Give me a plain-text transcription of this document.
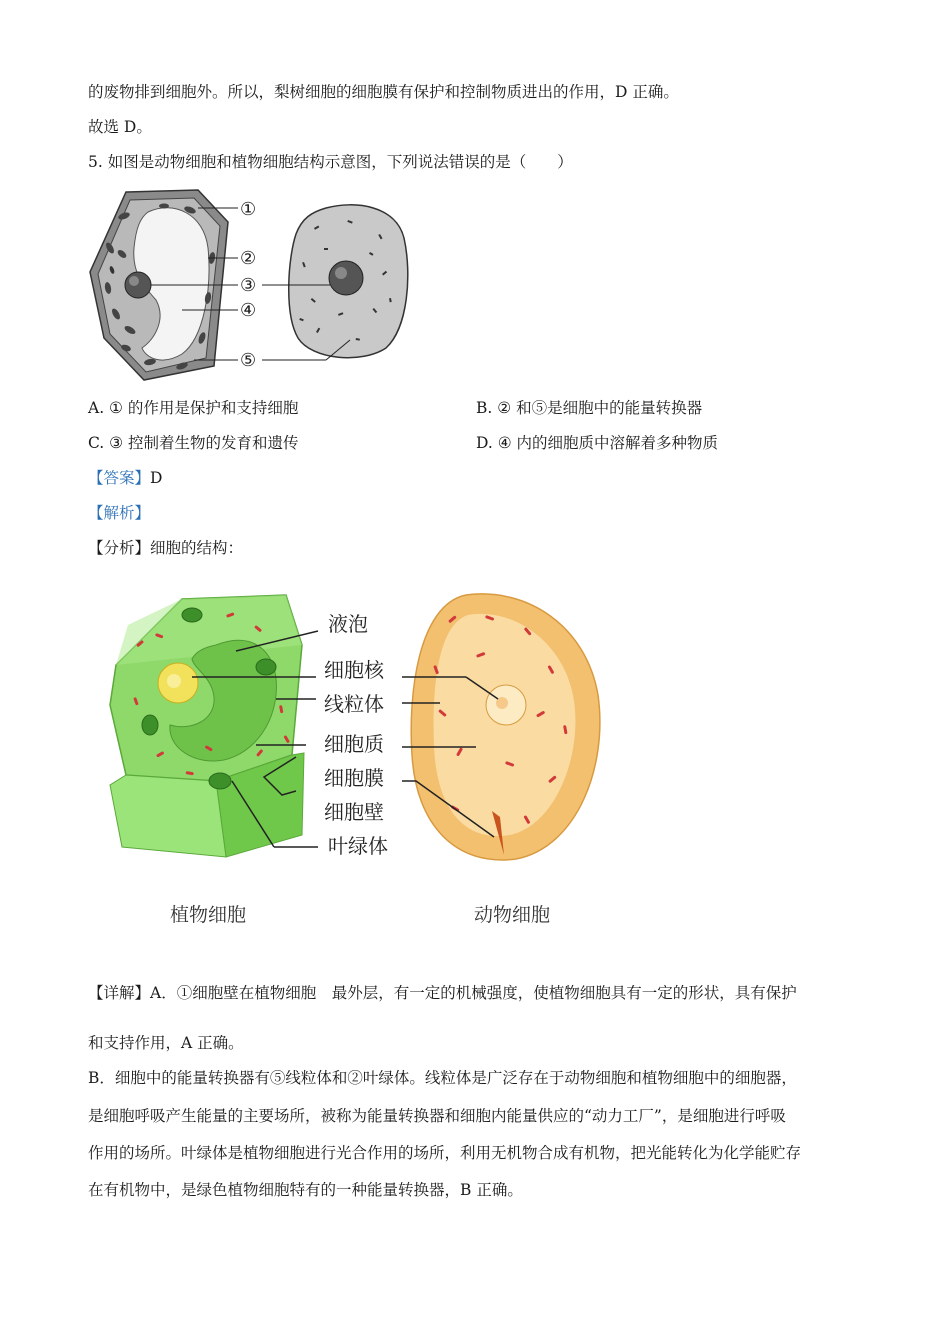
的废物排到细胞外。所以，梨树细胞的细胞膜有保护和控制物质进出的作用，D 正确。
故选 D。
5. 如图是动物细胞和植物细胞结构示意图，下列说法错误的是（　　）
①
②
③
④
⑤
A. ① 的作用是保护和支持细胞	B. ② 和⑤是细胞中的能量转换器
C. ③ 控制着生物的发育和遗传	D. ④ 内的细胞质中溶解着多种物质
【答案】D
【解析】
【分析】细胞的结构：
液泡
细胞核
线粒体
细胞质
细胞膜
细胞壁
叶绿体
植物细胞	动物细胞
【详解】A．①细胞壁在植物细胞　最外层，有一定的机械强度，使植物细胞具有一定的形状，具有保护
和支持作用，A 正确。
B．细胞中的能量转换器有⑤线粒体和②叶绿体。线粒体是广泛存在于动物细胞和植物细胞中的细胞器，
是细胞呼吸产生能量的主要场所，被称为能量转换器和细胞内能量供应的“动力工厂”，是细胞进行呼吸
作用的场所。叶绿体是植物细胞进行光合作用的场所，利用无机物合成有机物，把光能转化为化学能贮存
在有机物中，是绿色植物细胞特有的一种能量转换器，B 正确。
